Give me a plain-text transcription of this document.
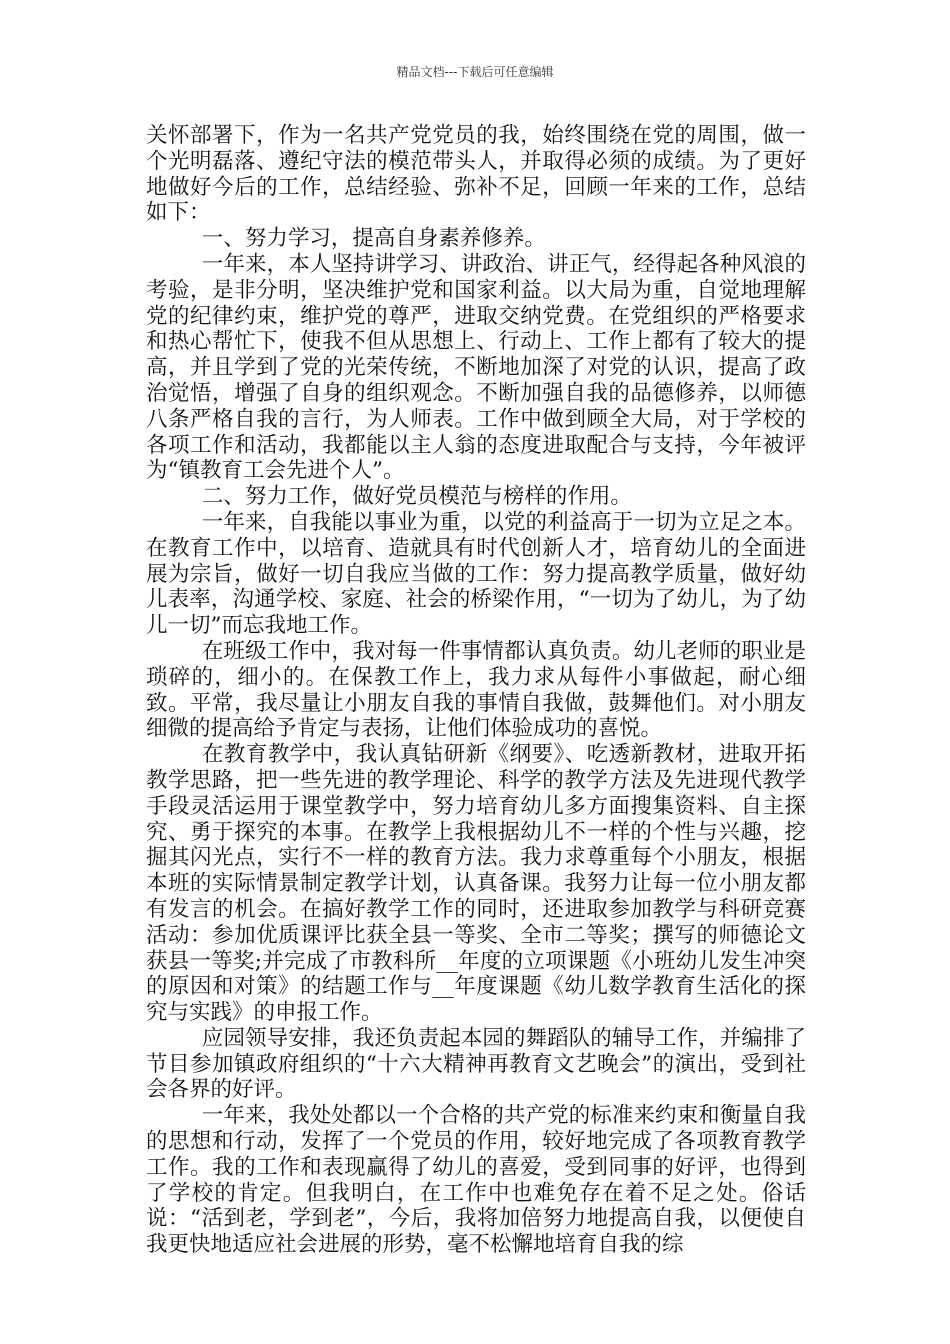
精品文档---下载后可任意编辑

关怀部署下，作为一名共产党党员的我，始终围绕在党的周围，做一个光明磊落、遵纪守法的模范带头人，并取得必须的成绩。为了更好地做好今后的工作，总结经验、弥补不足，回顾一年来的工作，总结如下：

一、努力学习，提高自身素养修养。

一年来，本人坚持讲学习、讲政治、讲正气，经得起各种风浪的考验，是非分明，坚决维护党和国家利益。以大局为重，自觉地理解党的纪律约束，维护党的尊严，进取交纳党费。在党组织的严格要求和热心帮忙下，使我不但从思想上、行动上、工作上都有了较大的提高，并且学到了党的光荣传统，不断地加深了对党的认识，提高了政治觉悟，增强了自身的组织观念。不断加强自我的品德修养，以师德八条严格自我的言行，为人师表。工作中做到顾全大局，对于学校的各项工作和活动，我都能以主人翁的态度进取配合与支持，今年被评为“镇教育工会先进个人”。

二、努力工作，做好党员模范与榜样的作用。

一年来，自我能以事业为重，以党的利益高于一切为立足之本。在教育工作中，以培育、造就具有时代创新人才，培育幼儿的全面进展为宗旨，做好一切自我应当做的工作：努力提高教学质量，做好幼儿表率，沟通学校、家庭、社会的桥梁作用，“一切为了幼儿，为了幼儿一切”而忘我地工作。

在班级工作中，我对每一件事情都认真负责。幼儿老师的职业是琐碎的，细小的。在保教工作上，我力求从每件小事做起，耐心细致。平常，我尽量让小朋友自我的事情自我做，鼓舞他们。对小朋友细微的提高给予肯定与表扬，让他们体验成功的喜悦。

在教育教学中，我认真钻研新《纲要》、吃透新教材，进取开拓教学思路，把一些先进的教学理论、科学的教学方法及先进现代教学手段灵活运用于课堂教学中，努力培育幼儿多方面搜集资料、自主探究、勇于探究的本事。在教学上我根据幼儿不一样的个性与兴趣，挖掘其闪光点，实行不一样的教育方法。我力求尊重每个小朋友，根据本班的实际情景制定教学计划，认真备课。我努力让每一位小朋友都有发言的机会。在搞好教学工作的同时，还进取参加教学与科研竞赛活动：参加优质课评比获全县一等奖、全市二等奖；撰写的师德论文获县一等奖;并完成了市教科所__年度的立项课题《小班幼儿发生冲突的原因和对策》的结题工作与__年度课题《幼儿数学教育生活化的探究与实践》的申报工作。

应园领导安排，我还负责起本园的舞蹈队的辅导工作，并编排了节目参加镇政府组织的“十六大精神再教育文艺晚会”的演出，受到社会各界的好评。

一年来，我处处都以一个合格的共产党的标准来约束和衡量自我的思想和行动，发挥了一个党员的作用，较好地完成了各项教育教学工作。我的工作和表现赢得了幼儿的喜爱，受到同事的好评，也得到了学校的肯定。但我明白，在工作中也难免存在着不足之处。俗话说：“活到老，学到老”，今后，我将加倍努力地提高自我，以便使自我更快地适应社会进展的形势，毫不松懈地培育自我的综
